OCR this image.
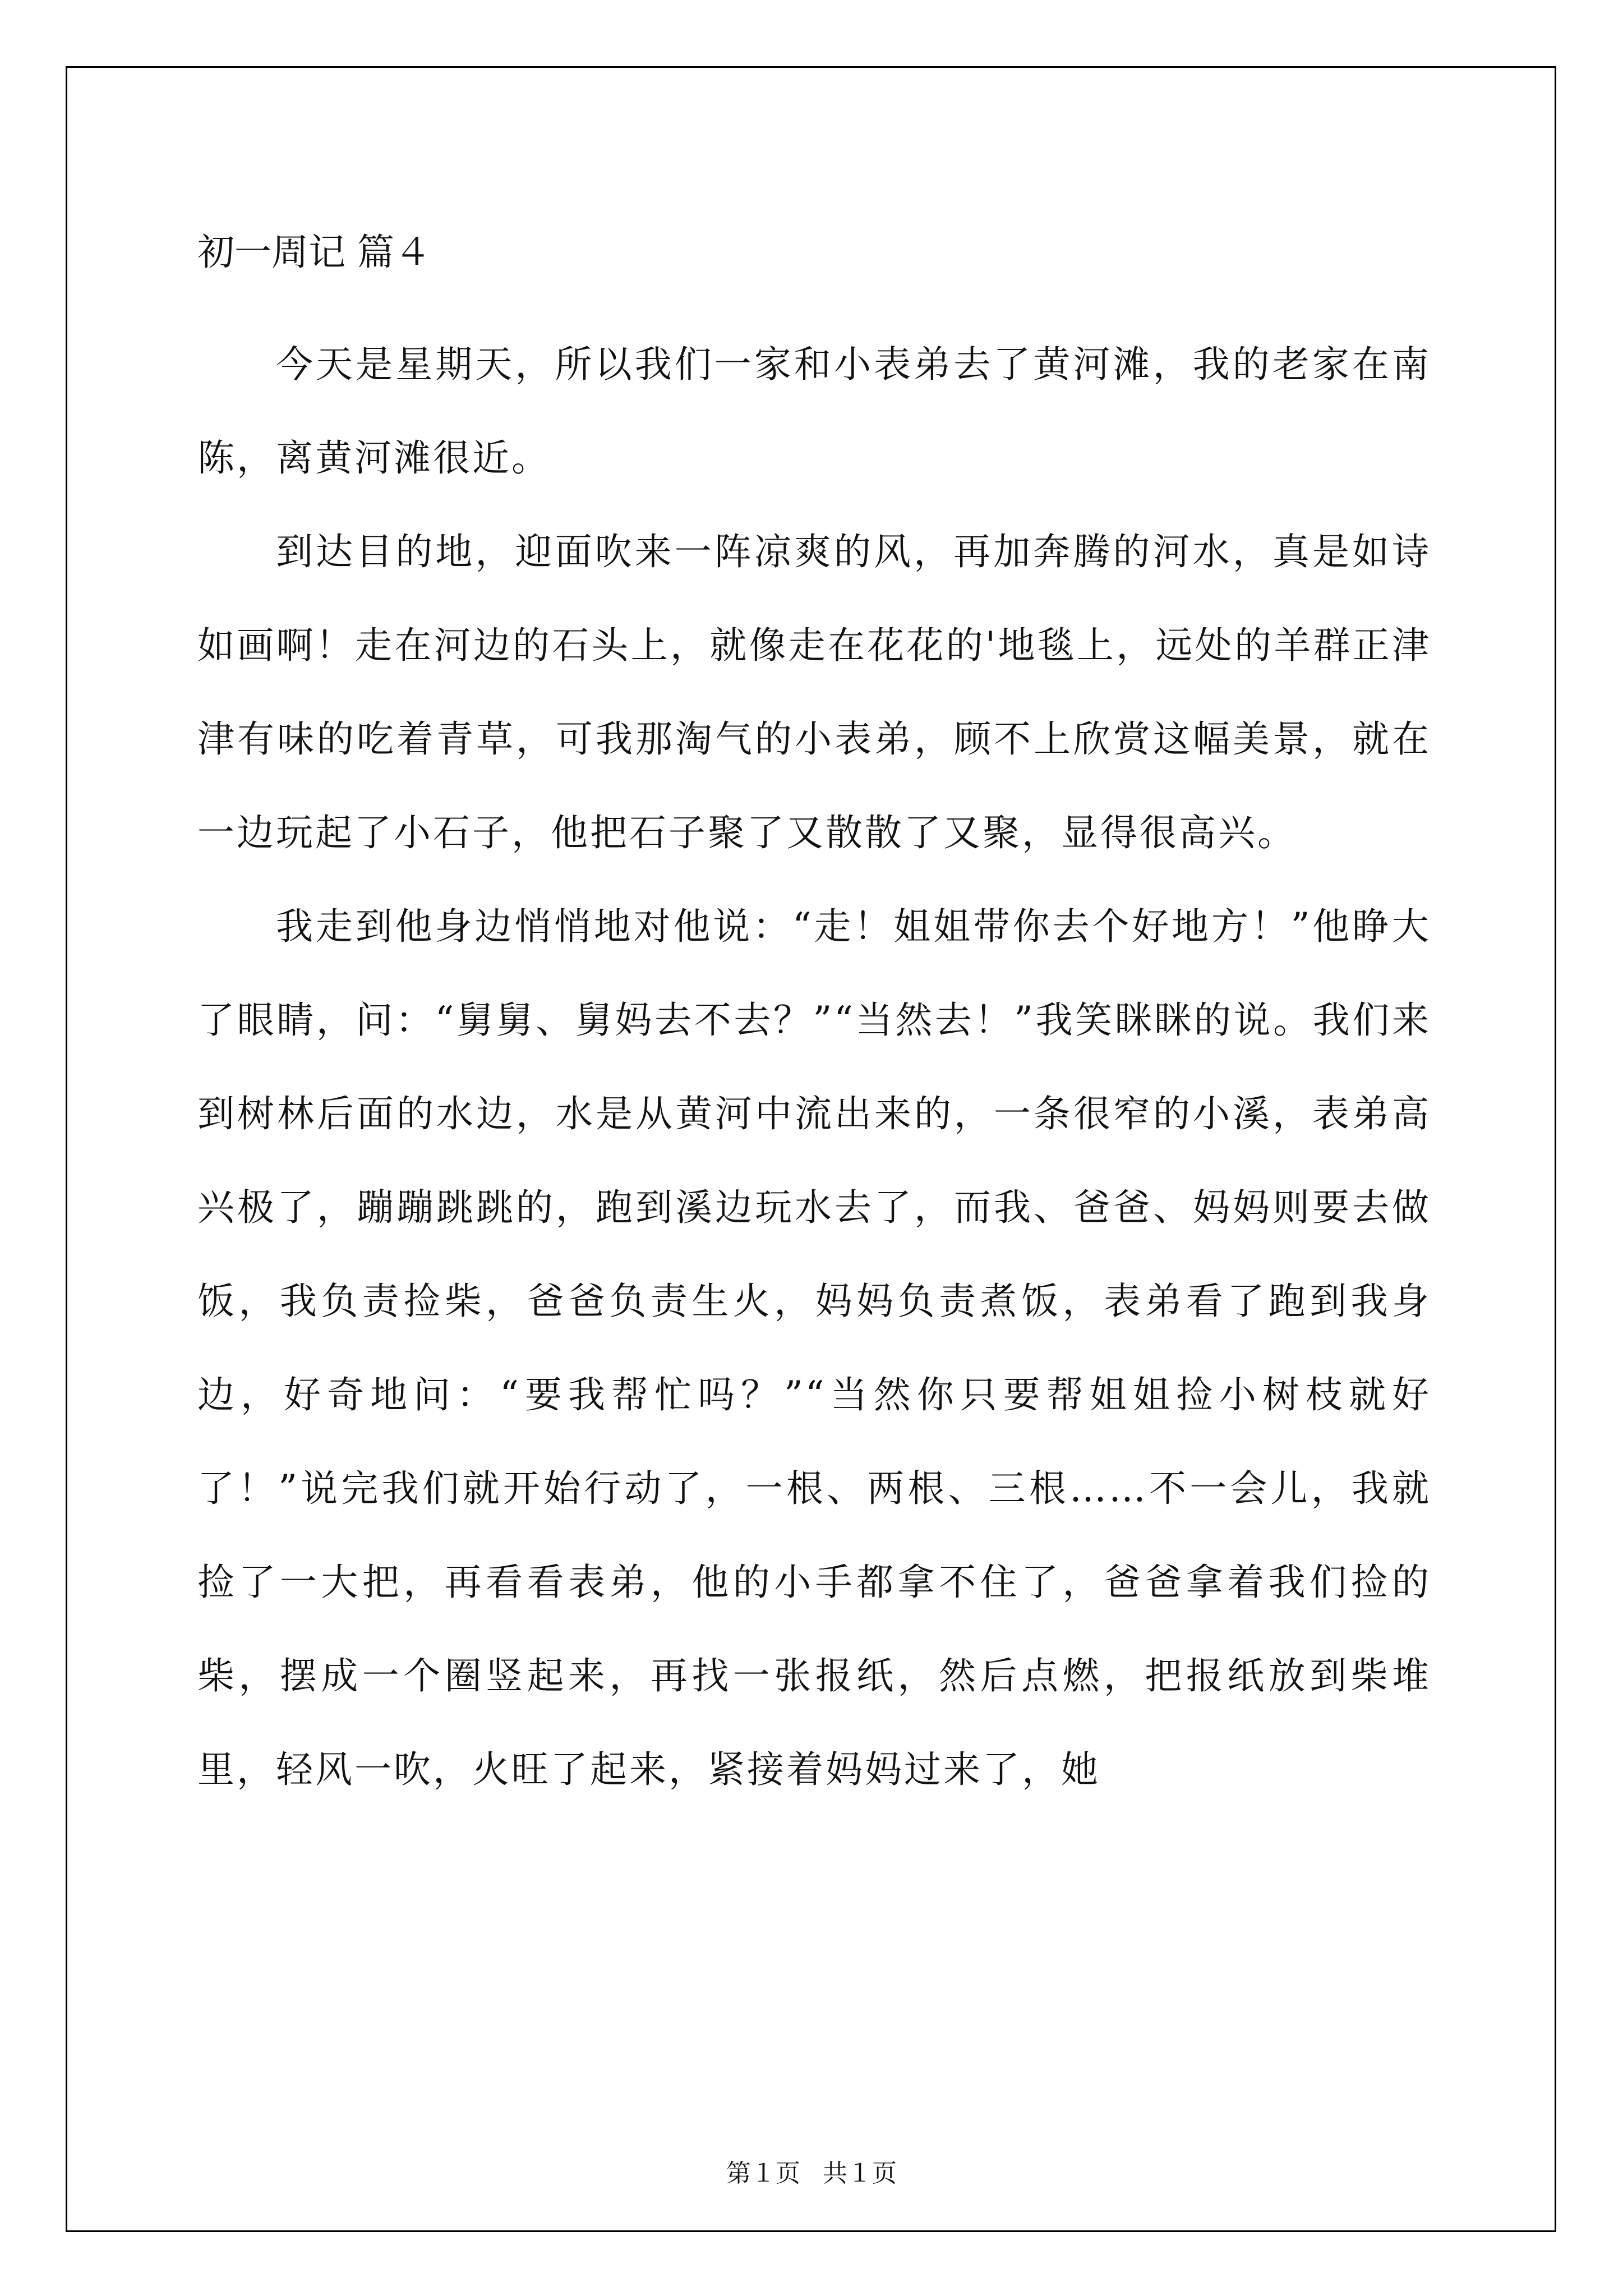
初一周记 篇４

今天是星期天，所以我们一家和小表弟去了黄河滩，我的老家在南陈，离黄河滩很近。

到达目的地，迎面吹来一阵凉爽的风，再加奔腾的河水，真是如诗如画啊！走在河边的石头上，就像走在花花的'地毯上，远处的羊群正津津有味的吃着青草，可我那淘气的小表弟，顾不上欣赏这幅美景，就在一边玩起了小石子，他把石子聚了又散散了又聚，显得很高兴。

我走到他身边悄悄地对他说：“走！姐姐带你去个好地方！”他睁大了眼睛，问：“舅舅、舅妈去不去？”“当然去！”我笑眯眯的说。我们来到树林后面的水边，水是从黄河中流出来的，一条很窄的小溪，表弟高兴极了，蹦蹦跳跳的，跑到溪边玩水去了，而我、爸爸、妈妈则要去做饭，我负责捡柴，爸爸负责生火，妈妈负责煮饭，表弟看了跑到我身边，好奇地问：“要我帮忙吗？”“当然你只要帮姐姐捡小树枝就好了！”说完我们就开始行动了，一根、两根、三根……不一会儿，我就捡了一大把，再看看表弟，他的小手都拿不住了，爸爸拿着我们捡的柴，摆成一个圈竖起来，再找一张报纸，然后点燃，把报纸放到柴堆里，轻风一吹，火旺了起来，紧接着妈妈过来了，她

第１页 共１页
